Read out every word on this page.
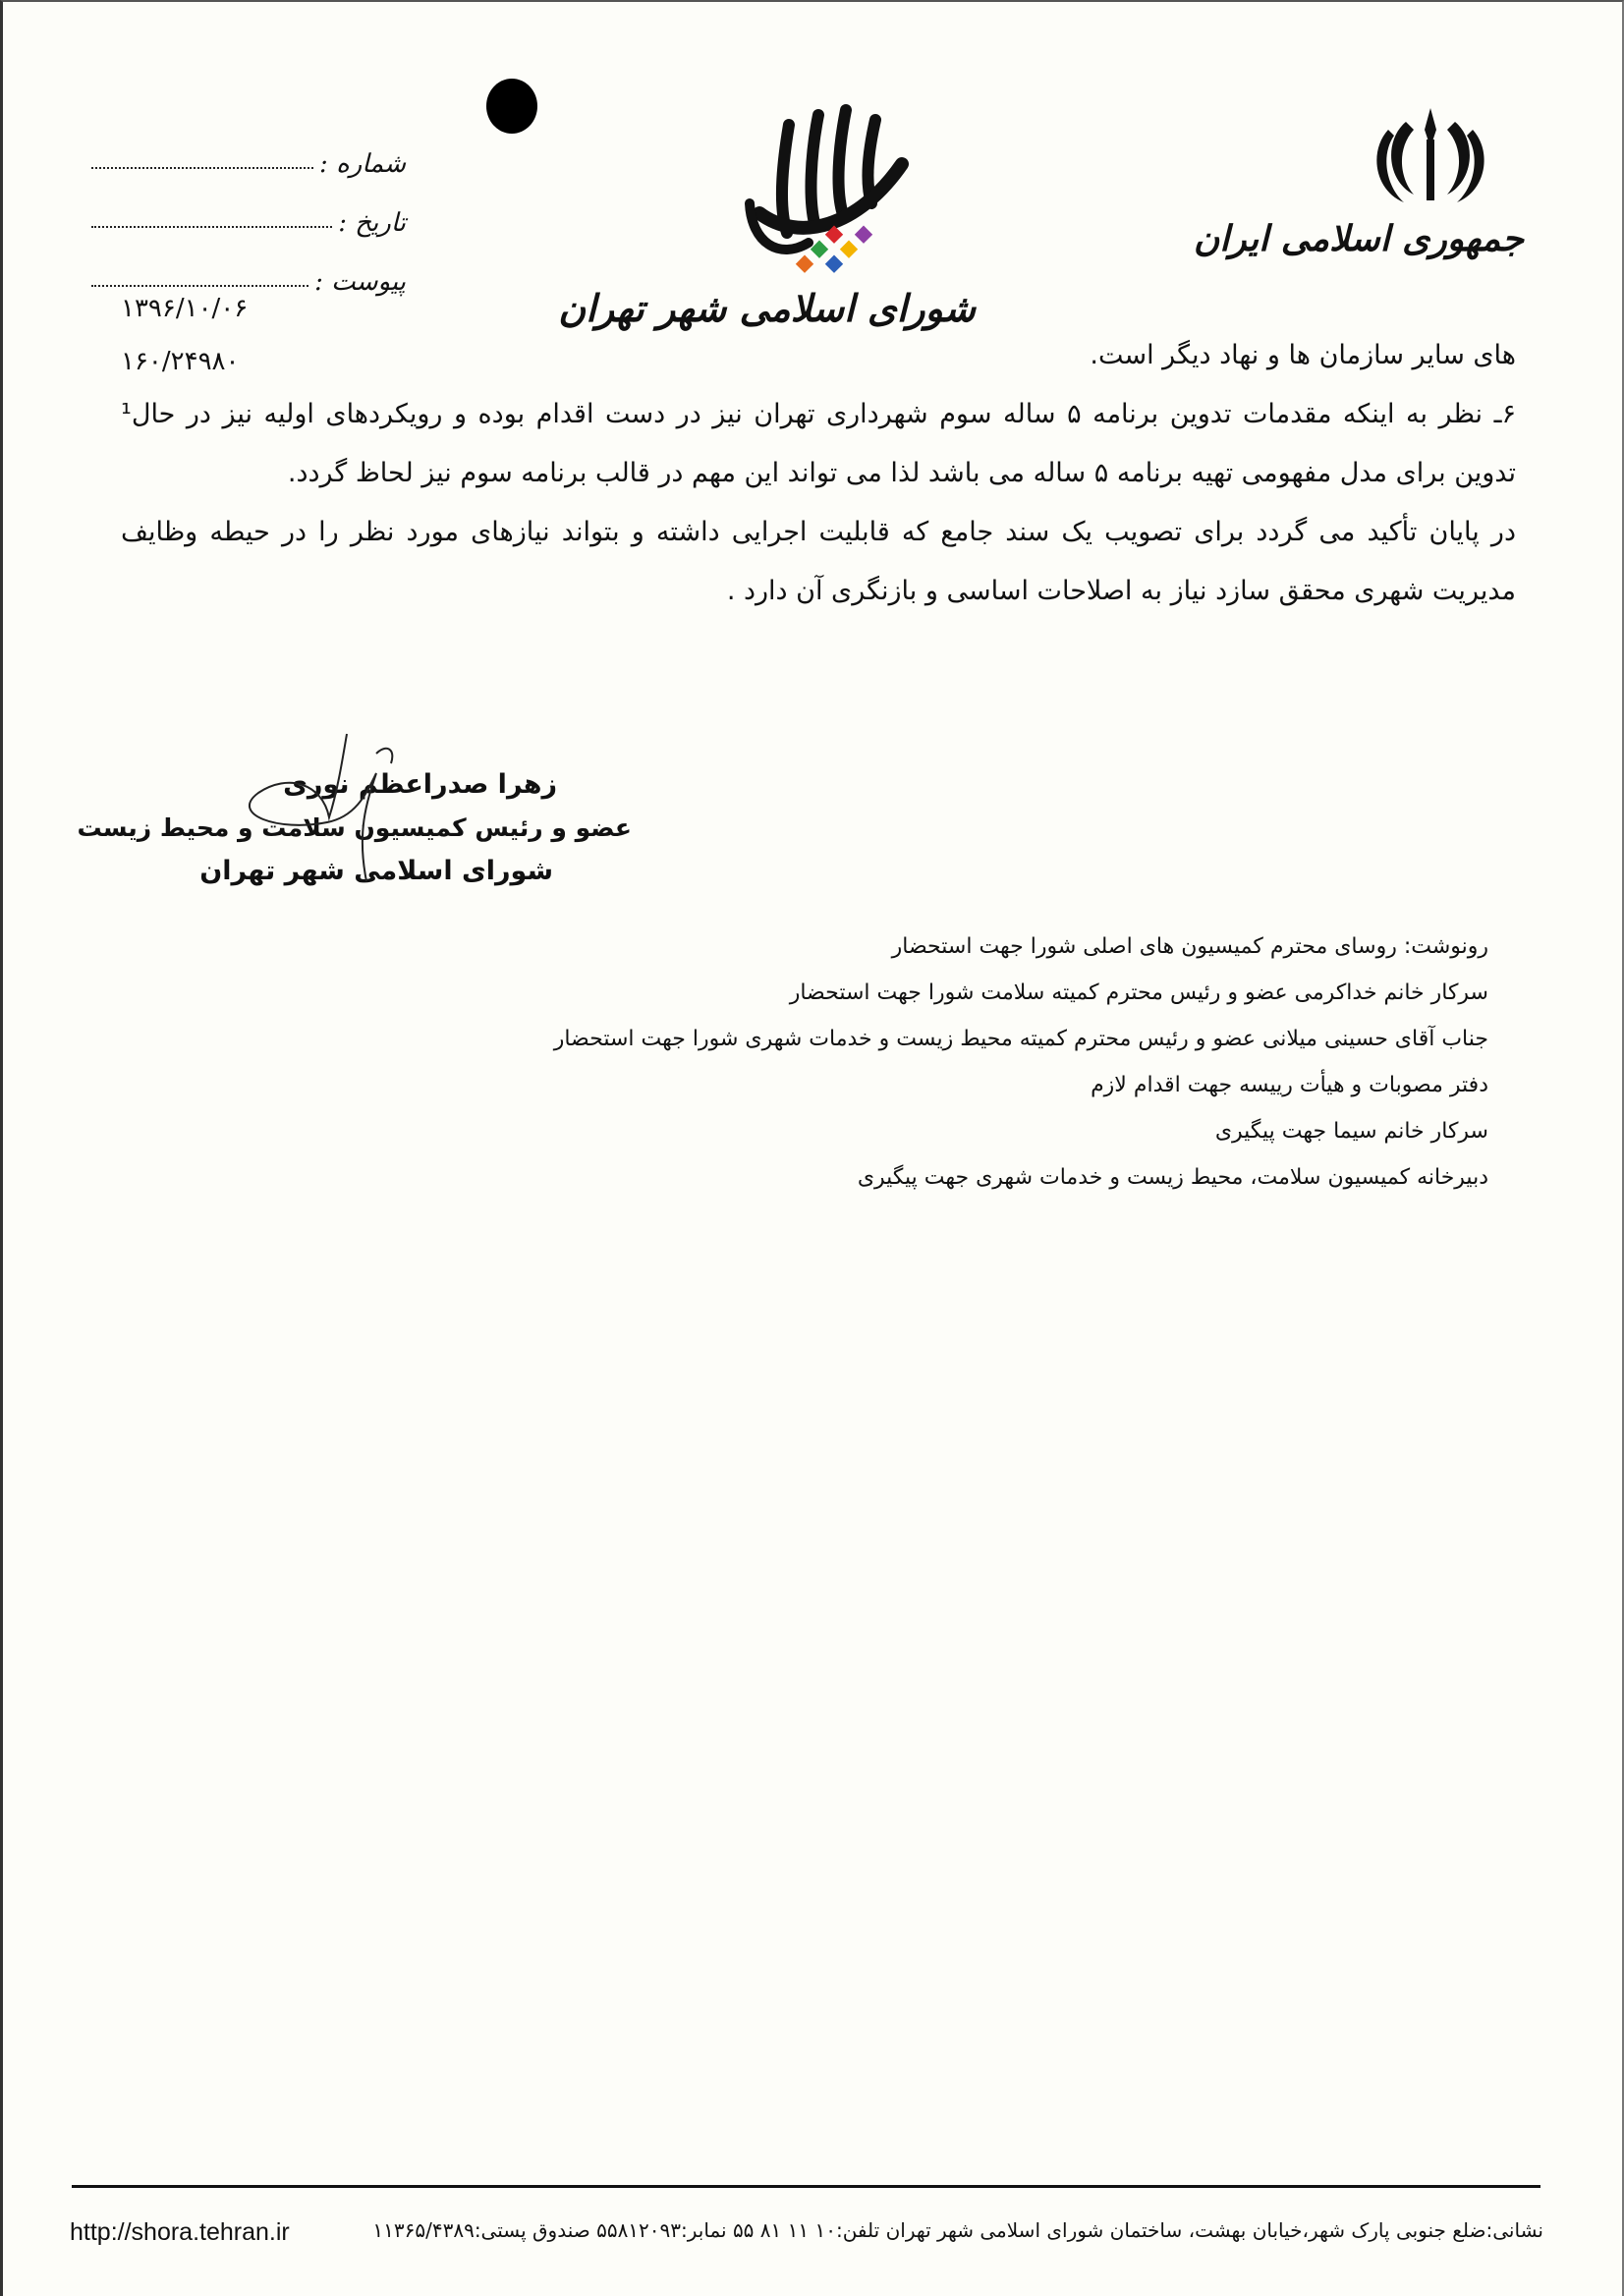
جمهوری اسلامی ایران
شورای اسلامی شهر تهران
شماره :
تاریخ :
پیوست :
۱۳۹۶/۱۰/۰۶
۱۶۰/۲۴۹۸۰	های سایر سازمان ها و نهاد دیگر است.

۶ـ نظر به اینکه مقدمات تدوین برنامه ۵ ساله سوم شهرداری تهران نیز در دست اقدام بوده و رویکردهای اولیه نیز در حال¹ تدوین برای مدل مفهومی تهیه برنامه ۵ ساله می باشد لذا می تواند این مهم در قالب برنامه سوم نیز لحاظ گردد.

در پایان تأکید می گردد برای تصویب یک سند جامع که قابلیت اجرایی داشته و بتواند نیازهای مورد نظر را در حیطه وظایف مدیریت شهری محقق سازد نیاز به اصلاحات اساسی و بازنگری آن دارد .

زهرا صدراعظم نوری
عضو و رئیس کمیسیون سلامت و محیط زیست
شورای اسلامی شهر تهران
رونوشت: روسای محترم کمیسیون های اصلی شورا جهت استحضار
سرکار خانم خداکرمی عضو و رئیس محترم کمیته سلامت شورا جهت استحضار
جناب آقای حسینی میلانی عضو و رئیس محترم کمیته محیط زیست و خدمات شهری شورا جهت استحضار
دفتر مصوبات و هیأت رییسه جهت اقدام لازم
سرکار خانم سیما جهت پیگیری
دبیرخانه کمیسیون سلامت، محیط زیست و خدمات شهری جهت پیگیری
http://shora.tehran.ir	نشانی:ضلع جنوبی پارک شهر،خیابان بهشت، ساختمان شورای اسلامی شهر تهران تلفن:۱۰ ۱۱ ۸۱ ۵۵ نمابر:۵۵۸۱۲۰۹۳ صندوق پستی:۱۱۳۶۵/۴۳۸۹
